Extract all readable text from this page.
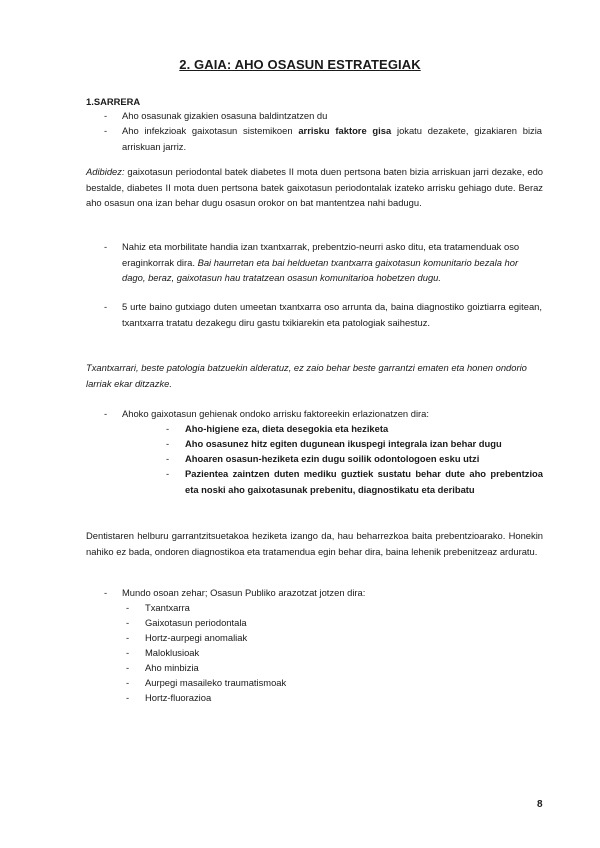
2. GAIA: AHO OSASUN ESTRATEGIAK
1.SARRERA
- Aho osasunak gizakien osasuna baldintzatzen du
- Aho infekzioak gaixotasun sistemikoen arrisku faktore gisa jokatu dezakete, gizakiaren bizia arriskuan jarriz.
Adibidez: gaixotasun periodontal batek diabetes II mota duen pertsona baten bizia arriskuan jarri dezake, edo bestalde, diabetes II mota duen pertsona batek gaixotasun periodontalak izateko arrisku gehiago dute. Beraz aho osasun ona izan behar dugu osasun orokor on bat mantentzea nahi badugu.
- Nahiz eta morbilitate handia izan txantxarrak, prebentzio-neurri asko ditu, eta tratamenduak oso eraginkorrak dira. Bai haurretan eta bai helduetan txantxarra gaixotasun komunitario bezala hor dago, beraz, gaixotasun hau tratatzean osasun komunitarioa hobetzen dugu.
- 5 urte baino gutxiago duten umeetan txantxarra oso arrunta da, baina diagnostiko goiztiarra egitean, txantxarra tratatu dezakegu diru gastu txikiarekin eta patologiak saihestuz.
Txantxarrari, beste patologia batzuekin alderatuz, ez zaio behar beste garrantzi ematen eta honen ondorio larriak ekar ditzazke.
- Ahoko gaixotasun gehienak ondoko arrisku faktoreekin erlazionatzen dira:
- Aho-higiene eza, dieta desegokia eta heziketa
- Aho osasunez hitz egiten dugunean ikuspegi integrala izan behar dugu
- Ahoaren osasun-heziketa ezin dugu soilik odontologoen esku utzi
- Pazientea zaintzen duten mediku guztiek sustatu behar dute aho prebentzioa eta noski aho gaixotasunak prebenitu, diagnostikatu eta deribatu
Dentistaren helburu garrantzitsuetakoa heziketa izango da, hau beharrezkoa baita prebentzioarako. Honekin nahiko ez bada, ondoren diagnostikoa eta tratamendua egin behar dira, baina lehenik prebenitzeaz arduratu.
- Mundo osoan zehar; Osasun Publiko arazotzat jotzen dira:
- Txantxarra
- Gaixotasun periodontala
- Hortz-aurpegi anomaliak
- Maloklusioak
- Aho minbizia
- Aurpegi masaileko traumatismoak
- Hortz-fluorazioa
8
